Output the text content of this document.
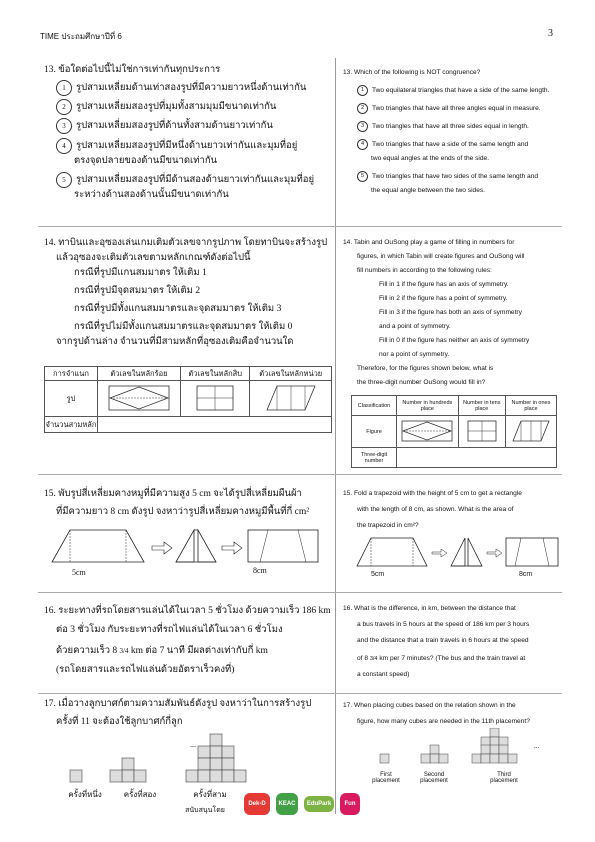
TIME ประถมศึกษาปีที่ 6	3
13. ข้อใดต่อไปนี้ไม่ใช่การเท่ากันทุกประการ
1 รูปสามเหลี่ยมด้านเท่าสองรูปที่มีความยาวหนึ่งด้านเท่ากัน
2 รูปสามเหลี่ยมสองรูปที่มุมทั้งสามมุมมีขนาดเท่ากัน
3 รูปสามเหลี่ยมสองรูปที่ด้านทั้งสามด้านยาวเท่ากัน
4 รูปสามเหลี่ยมสองรูปที่มีหนึ่งด้านยาวเท่ากันและมุมที่อยู่
ตรงจุดปลายของด้านมีขนาดเท่ากัน
5 รูปสามเหลี่ยมสองรูปที่มีด้านสองด้านยาวเท่ากันและมุมที่อยู่
ระหว่างด้านสองด้านนั้นมีขนาดเท่ากัน
13. Which of the following is NOT congruence?
1 Two equilateral triangles that have a side of the same length.
2 Two triangles that have all three angles equal in measure.
3 Two triangles that have all three sides equal in length.
4 Two triangles that have a side of the same length and
two equal angles at the ends of the side.
5 Two triangles that have two sides of the same length and
the equal angle between the two sides.
14. ทาบินและอุซองเล่นเกมเติมตัวเลขจากรูปภาพ โดยทาบินจะสร้างรูป
แล้วอุซองจะเติมตัวเลขตามหลักเกณฑ์ดังต่อไปนี้
กรณีที่รูปมีแกนสมมาตร ให้เติม 1
กรณีที่รูปมีจุดสมมาตร ให้เติม 2
กรณีที่รูปมีทั้งแกนสมมาตรและจุดสมมาตร ให้เติม 3
กรณีที่รูปไม่มีทั้งแกนสมมาตรและจุดสมมาตร ให้เติม 0
จากรูปด้านล่าง จำนวนที่มีสามหลักที่อุซองเติมคือจำนวนใด
การจำแนก	ตัวเลขในหลักร้อย	ตัวเลขในหลักสิบ	ตัวเลขในหลักหน่วย
รูป			
จำนวนสามหลัก			
14. Tabin and OuSong play a game of filling in numbers for
figures, in which Tabin will create figures and OuSong will
fill numbers in according to the following rules:
Fill in 1 if the figure has an axis of symmetry.
Fill in 2 if the figure has a point of symmetry.
Fill in 3 if the figure has both an axis of symmetry
and a point of symmetry.
Fill in 0 if the figure has neither an axis of symmetry
nor a point of symmetry.
Therefore, for the figures shown below, what is
the three-digit number OuSong would fill in?
Classification	Number in hundreds place	Number in tens place	Number in ones place
Figure			
Three-digit number			
15. พับรูปสี่เหลี่ยมคางหมูที่มีความสูง 5 cm จะได้รูปสี่เหลี่ยมผืนผ้า
ที่มีความยาว 8 cm ดังรูป จงหาว่ารูปสี่เหลี่ยมคางหมูมีพื้นที่กี่ cm²
5cm	8cm
15. Fold a trapezoid with the height of 5 cm to get a rectangle
with the length of 8 cm, as shown. What is the area of
the trapezoid in cm²?
5cm	8cm
16. ระยะทางที่รถโดยสารแล่นได้ในเวลา 5 ชั่วโมง ด้วยความเร็ว 186 km
ต่อ 3 ชั่วโมง กับระยะทางที่รถไฟแล่นได้ในเวลา 6 ชั่วโมง
ด้วยความเร็ว 8 3/4 km ต่อ 7 นาที มีผลต่างเท่ากับกี่ km
(รถโดยสารและรถไฟแล่นด้วยอัตราเร็วคงที่)
16. What is the difference, in km, between the distance that
a bus travels in 5 hours at the speed of 186 km per 3 hours
and the distance that a train travels in 6 hours at the speed
of 8 3/4 km per 7 minutes? (The bus and the train travel at
a constant speed)
17. เมื่อวางลูกบาศก์ตามความสัมพันธ์ดังรูป จงหาว่าในการสร้างรูป
ครั้งที่ 11 จะต้องใช้ลูกบาศก์กี่ลูก
...
ครั้งที่หนึ่ง	ครั้งที่สอง	ครั้งที่สาม
สนับสนุนโดย
Dek-D	KEAC	EduPark	Fun
17. When placing cubes based on the relation shown in the
figure, how many cubes are needed in the 11th placement?
...
First placement
Second placement
Third placement
